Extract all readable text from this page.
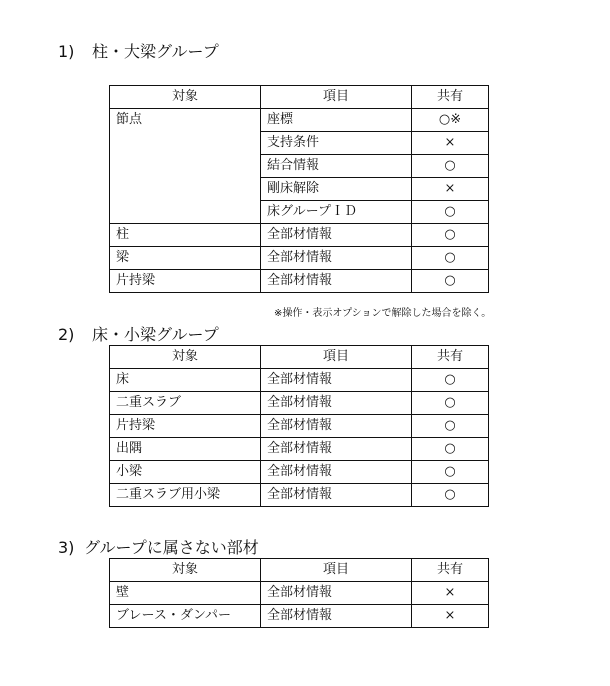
1) 柱・大梁グループ
対象	項目	共有
節点	座標	○※
	支持条件	×
	結合情報	○
	剛床解除	×
	床グループＩＤ	○
柱	全部材情報	○
梁	全部材情報	○
片持梁	全部材情報	○
※操作・表示オプションで解除した場合を除く。
2) 床・小梁グループ
対象	項目	共有
床	全部材情報	○
二重スラブ	全部材情報	○
片持梁	全部材情報	○
出隅	全部材情報	○
小梁	全部材情報	○
二重スラブ用小梁	全部材情報	○
3) グループに属さない部材
対象	項目	共有
壁	全部材情報	×
ブレース・ダンパー	全部材情報	×
